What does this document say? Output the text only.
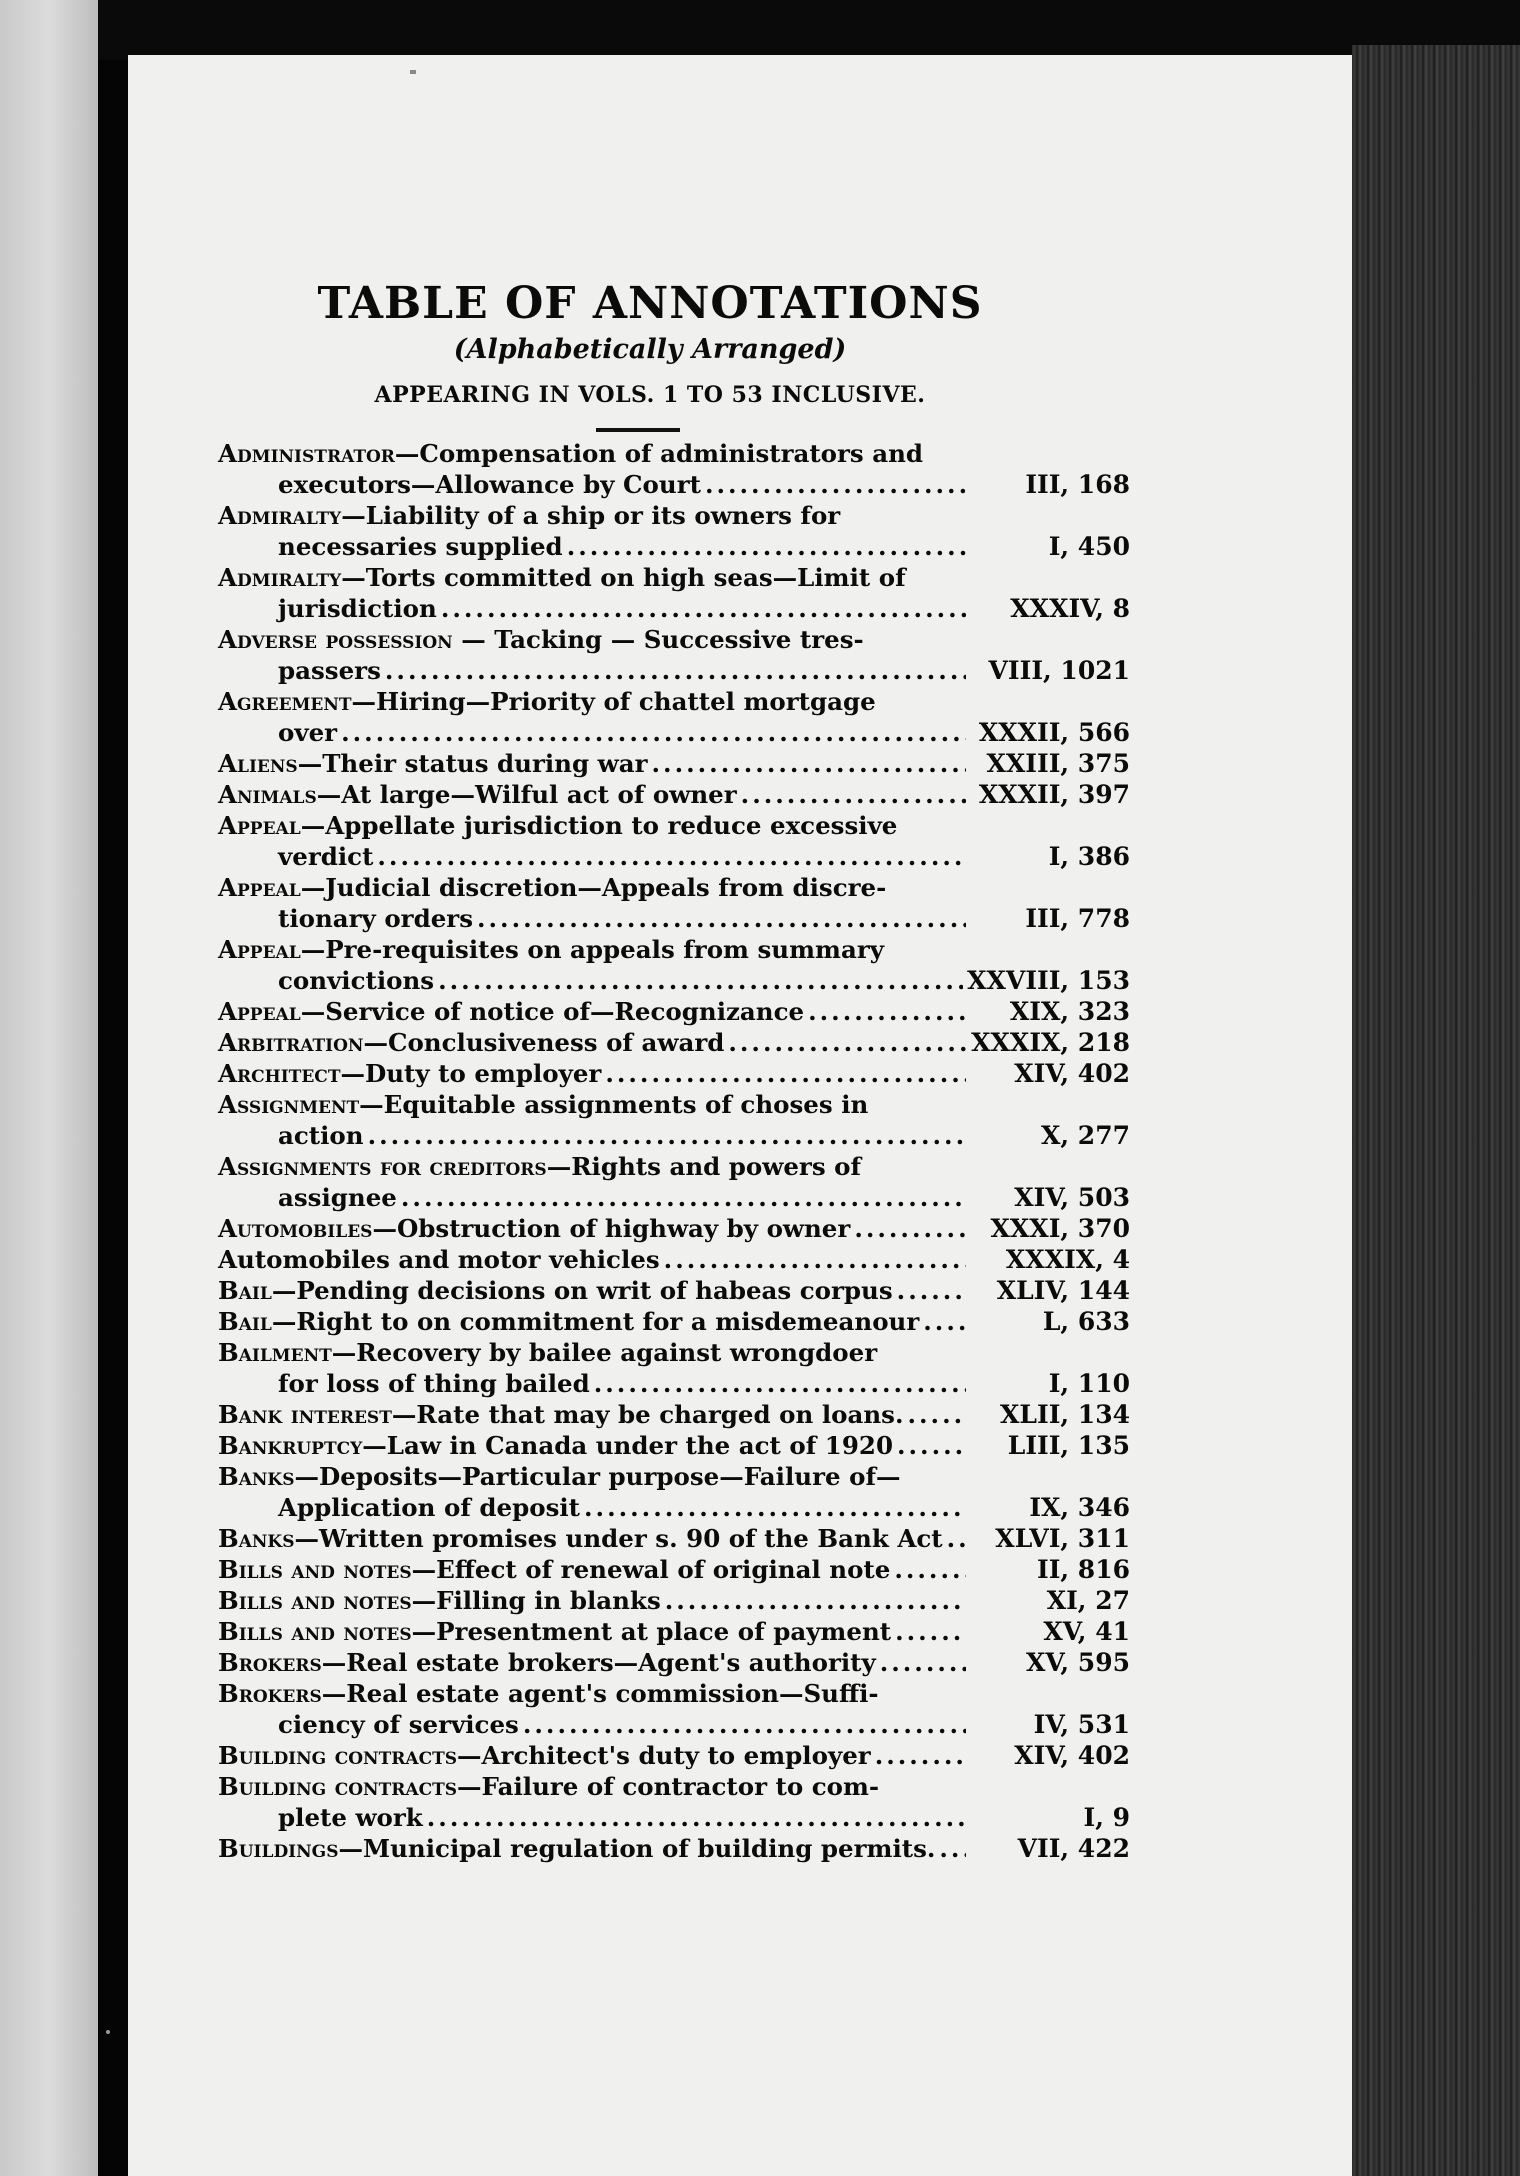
TABLE OF ANNOTATIONS
(Alphabetically Arranged)
APPEARING IN VOLS. 1 TO 53 INCLUSIVE.
Administrator—Compensation of administrators and
executors—Allowance by Court .....	III, 168
Admiralty—Liability of a ship or its owners for
necessaries supplied .....	I, 450
Admiralty—Torts committed on high seas—Limit of
jurisdiction .....	XXXIV, 8
Adverse possession — Tacking — Successive tres-
passers .....	VIII, 1021
Agreement—Hiring—Priority of chattel mortgage
over .....	XXXII, 566
Aliens—Their status during war .....	XXIII, 375
Animals—At large—Wilful act of owner .....	XXXII, 397
Appeal—Appellate jurisdiction to reduce excessive
verdict .....	I, 386
Appeal—Judicial discretion—Appeals from discre-
tionary orders .....	III, 778
Appeal—Pre-requisites on appeals from summary
convictions .....	XXVIII, 153
Appeal—Service of notice of—Recognizance .....	XIX, 323
Arbitration—Conclusiveness of award .....	XXXIX, 218
Architect—Duty to employer .....	XIV, 402
Assignment—Equitable assignments of choses in
action .....	X, 277
Assignments for creditors—Rights and powers of
assignee .....	XIV, 503
Automobiles—Obstruction of highway by owner .....	XXXI, 370
Automobiles and motor vehicles .....	XXXIX, 4
Bail—Pending decisions on writ of habeas corpus .....	XLIV, 144
Bail—Right to on commitment for a misdemeanour .....	L, 633
Bailment—Recovery by bailee against wrongdoer
for loss of thing bailed .....	I, 110
Bank interest—Rate that may be charged on loans. .....	XLII, 134
Bankruptcy—Law in Canada under the act of 1920 .....	LIII, 135
Banks—Deposits—Particular purpose—Failure of—
Application of deposit .....	IX, 346
Banks—Written promises under s. 90 of the Bank Act .....	XLVI, 311
Bills and notes—Effect of renewal of original note .....	II, 816
Bills and notes—Filling in blanks .....	XI, 27
Bills and notes—Presentment at place of payment .....	XV, 41
Brokers—Real estate brokers—Agent's authority .....	XV, 595
Brokers—Real estate agent's commission—Suffi-
ciency of services .....	IV, 531
Building contracts—Architect's duty to employer .....	XIV, 402
Building contracts—Failure of contractor to com-
plete work .....	I, 9
Buildings—Municipal regulation of building permits. .....	VII, 422
